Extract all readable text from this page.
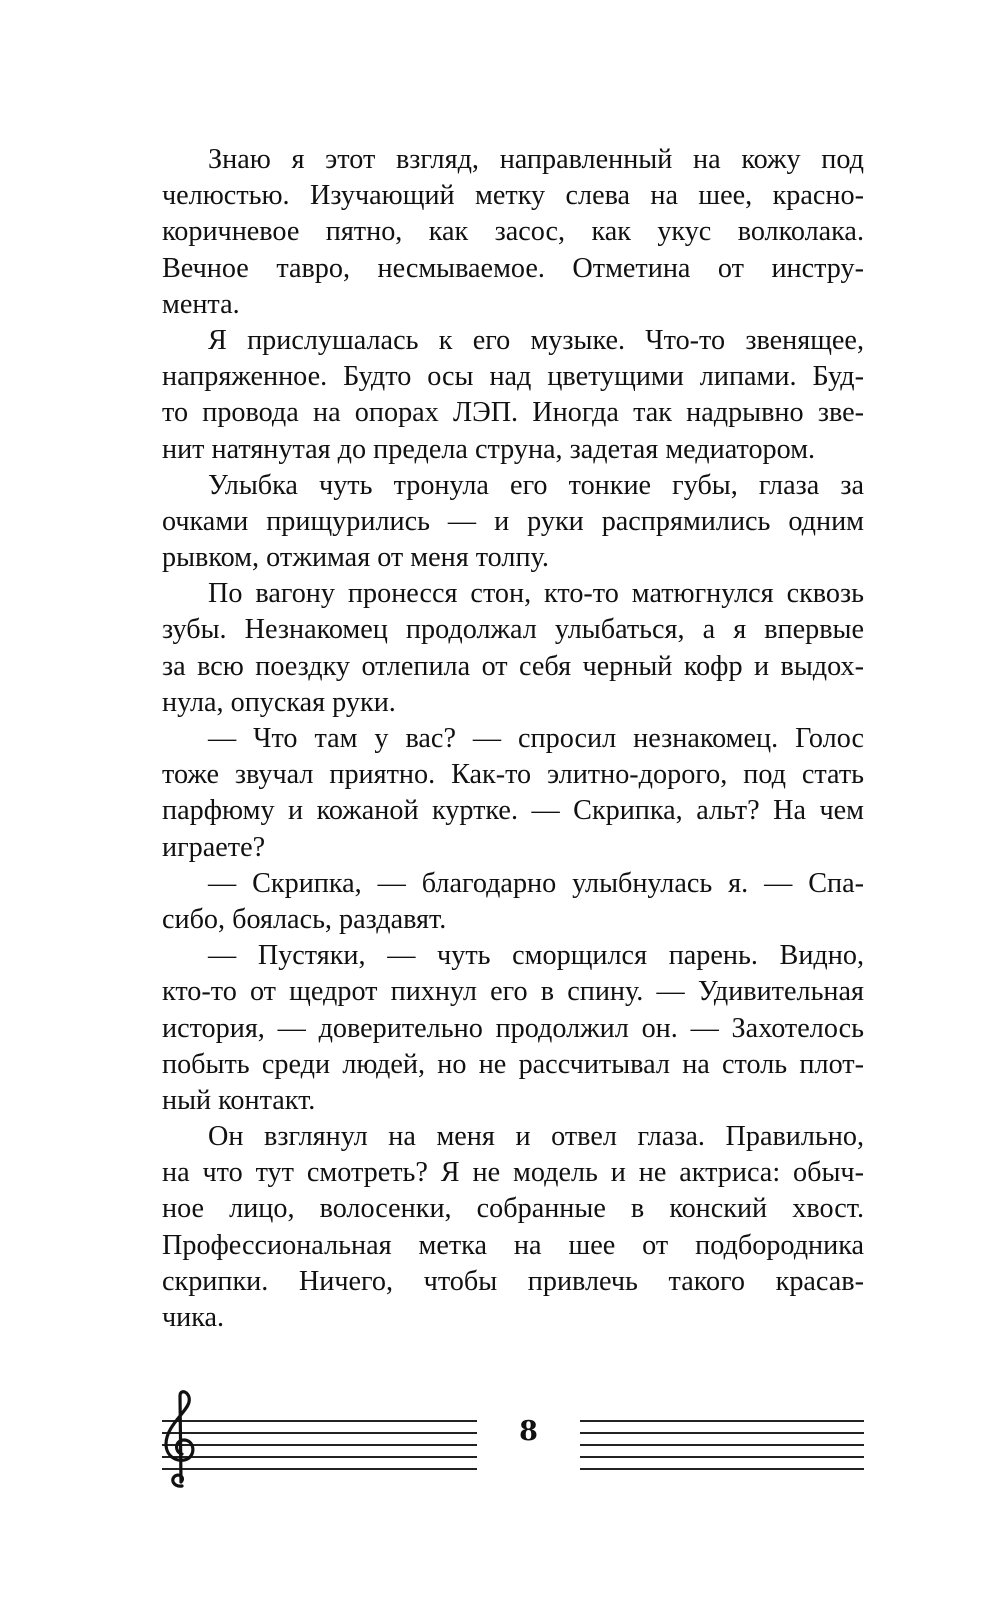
Знаю я этот взгляд, направленный на кожу под
челюстью. Изучающий метку слева на шее, красно-
коричневое пятно, как засос, как укус волколака.
Вечное тавро, несмываемое. Отметина от инстру-
мента.
Я прислушалась к его музыке. Что-то звенящее,
напряженное. Будто осы над цветущими липами. Буд-
то провода на опорах ЛЭП. Иногда так надрывно зве-
нит натянутая до предела струна, задетая медиатором.
Улыбка чуть тронула его тонкие губы, глаза за
очками прищурились — и руки распрямились одним
рывком, отжимая от меня толпу.
По вагону пронесся стон, кто-то матюгнулся сквозь
зубы. Незнакомец продолжал улыбаться, а я впервые
за всю поездку отлепила от себя черный кофр и выдох-
нула, опуская руки.
— Что там у вас? — спросил незнакомец. Голос
тоже звучал приятно. Как-то элитно-дорого, под стать
парфюму и кожаной куртке. — Скрипка, альт? На чем
играете?
— Скрипка, — благодарно улыбнулась я. — Спа-
сибо, боялась, раздавят.
— Пустяки, — чуть сморщился парень. Видно,
кто-то от щедрот пихнул его в спину. — Удивительная
история, — доверительно продолжил он. — Захотелось
побыть среди людей, но не рассчитывал на столь плот-
ный контакт.
Он взглянул на меня и отвел глаза. Правильно,
на что тут смотреть? Я не модель и не актриса: обыч-
ное лицо, волосенки, собранные в конский хвост.
Профессиональная метка на шее от подбородника
скрипки. Ничего, чтобы привлечь такого красав-
чика.
8
